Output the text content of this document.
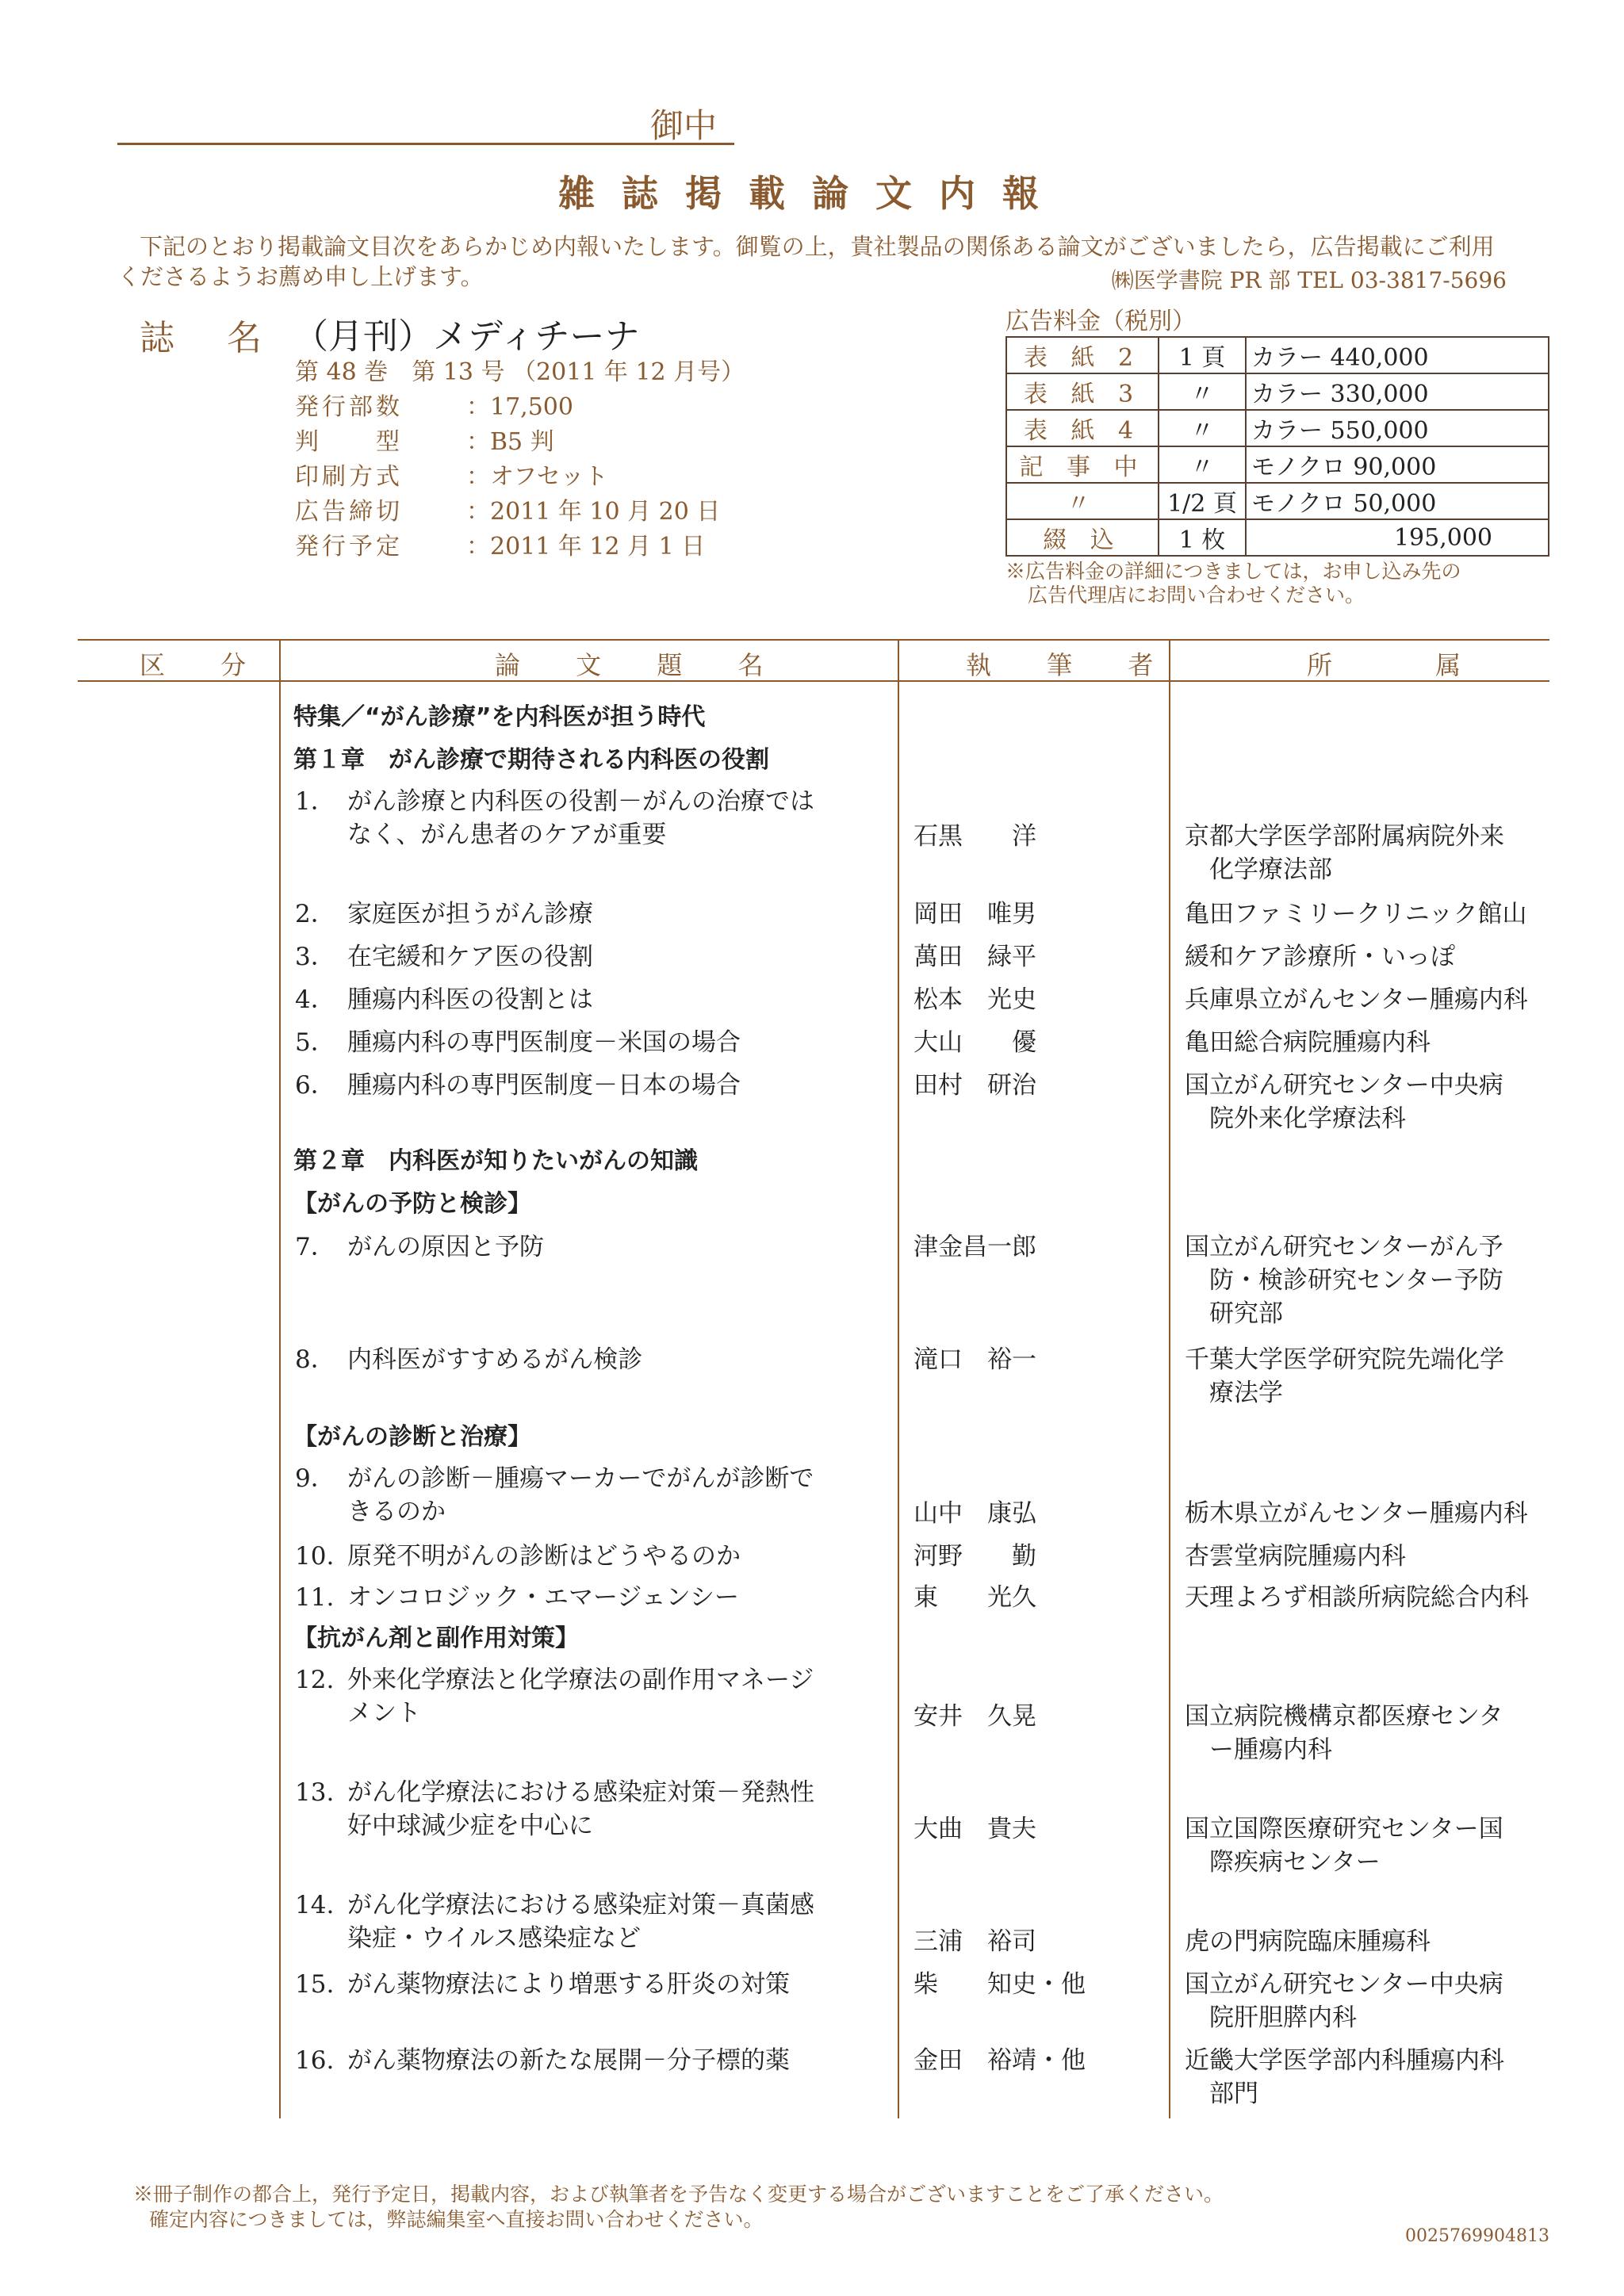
御中
雑誌掲載論文内報
下記のとおり掲載論文目次をあらかじめ内報いたします。御覧の上，貴社製品の関係ある論文がございましたら，広告掲載にご利用くださるようお薦め申し上げます。	㈱医学書院 PR 部 TEL 03-3817-5696
誌 名 （月刊）メディチーナ
第 48 巻　第 13 号 （2011 年 12 月号）
発行部数	：17,500
判　　型	：B5 判
印刷方式	：オフセット
広告締切	：2011 年 10 月 20 日
発行予定	：2011 年 12 月 1 日
広告料金（税別）
表 紙 2	1 頁	カラー 440,000
表 紙 3	〃	カラー 330,000
表 紙 4	〃	カラー 550,000
記 事 中	〃	モノクロ 90,000
〃	1/2 頁	モノクロ 50,000
綴 込	1 枚	195,000
※広告料金の詳細につきましては，お申し込み先の
広告代理店にお問い合わせください。
区 分	論 文 題 名	執 筆 者	所 属
特集／“がん診療”を内科医が担う時代
第１章　がん診療で期待される内科医の役割
第２章　内科医が知りたいがんの知識
【がんの予防と検診】
【がんの診断と治療】
【抗がん剤と副作用対策】
1． がん診療と内科医の役割－がんの治療では
なく、がん患者のケアが重要	石黒　　洋	京都大学医学部附属病院外来
　化学療法部
2． 家庭医が担うがん診療	岡田　唯男	亀田ファミリークリニック館山
3． 在宅緩和ケア医の役割	萬田　緑平	緩和ケア診療所・いっぽ
4． 腫瘍内科医の役割とは	松本　光史	兵庫県立がんセンター腫瘍内科
5． 腫瘍内科の専門医制度－米国の場合	大山　　優	亀田総合病院腫瘍内科
6． 腫瘍内科の専門医制度－日本の場合	田村　研治	国立がん研究センター中央病
　院外来化学療法科
7． がんの原因と予防	津金昌一郎	国立がん研究センターがん予
　防・検診研究センター予防
　研究部
8． 内科医がすすめるがん検診	滝口　裕一	千葉大学医学研究院先端化学
　療法学
9． がんの診断－腫瘍マーカーでがんが診断で
きるのか	山中　康弘	栃木県立がんセンター腫瘍内科
10. 原発不明がんの診断はどうやるのか	河野　　勤	杏雲堂病院腫瘍内科
11. オンコロジック・エマージェンシー	東　　光久	天理よろず相談所病院総合内科
12. 外来化学療法と化学療法の副作用マネージ
メント	安井　久晃	国立病院機構京都医療センタ
　ー腫瘍内科
13. がん化学療法における感染症対策－発熱性
好中球減少症を中心に	大曲　貴夫	国立国際医療研究センター国
　際疾病センター
14. がん化学療法における感染症対策－真菌感
染症・ウイルス感染症など	三浦　裕司	虎の門病院臨床腫瘍科
15. がん薬物療法により増悪する肝炎の対策	柴　　知史・他	国立がん研究センター中央病
　院肝胆膵内科
16. がん薬物療法の新たな展開－分子標的薬	金田　裕靖・他	近畿大学医学部内科腫瘍内科
　部門
※冊子制作の都合上，発行予定日，掲載内容，および執筆者を予告なく変更する場合がございますことをご了承ください。
確定内容につきましては，弊誌編集室へ直接お問い合わせください。
0025769904813
